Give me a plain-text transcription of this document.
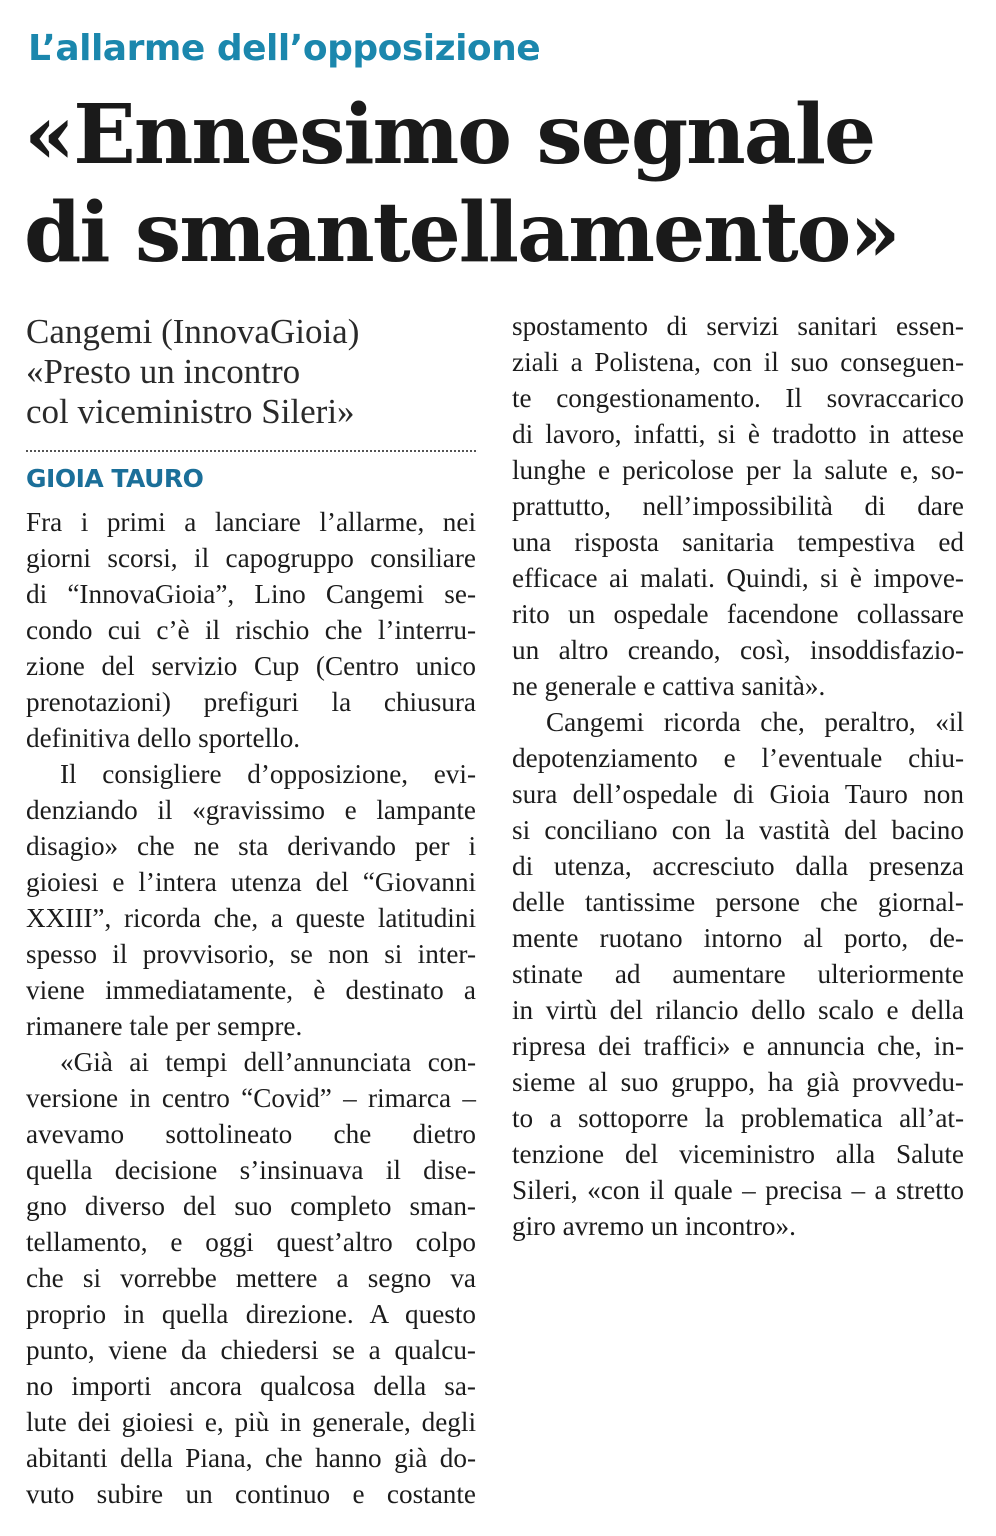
L’allarme dell’opposizione
«Ennesimo segnale
di smantellamento»
Cangemi (InnovaGioia)
«Presto un incontro
col viceministro Sileri»
GIOIA TAURO

Fra i primi a lanciare l’allarme, nei
giorni scorsi, il capogruppo consiliare
di “InnovaGioia”, Lino Cangemi se-
condo cui c’è il rischio che l’interru-
zione del servizio Cup (Centro unico
prenotazioni) prefiguri la chiusura
definitiva dello sportello.

Il consigliere d’opposizione, evi-
denziando il «gravissimo e lampante
disagio» che ne sta derivando per i
gioiesi e l’intera utenza del “Giovanni
XXIII”, ricorda che, a queste latitudini
spesso il provvisorio, se non si inter-
viene immediatamente, è destinato a
rimanere tale per sempre.

«Già ai tempi dell’annunciata con-
versione in centro “Covid” – rimarca –
avevamo sottolineato che dietro
quella decisione s’insinuava il dise-
gno diverso del suo completo sman-
tellamento, e oggi quest’altro colpo
che si vorrebbe mettere a segno va
proprio in quella direzione. A questo
punto, viene da chiedersi se a qualcu-
no importi ancora qualcosa della sa-
lute dei gioiesi e, più in generale, degli
abitanti della Piana, che hanno già do-
vuto subire un continuo e costante

spostamento di servizi sanitari essen-
ziali a Polistena, con il suo conseguen-
te congestionamento. Il sovraccarico
di lavoro, infatti, si è tradotto in attese
lunghe e pericolose per la salute e, so-
prattutto, nell’impossibilità di dare
una risposta sanitaria tempestiva ed
efficace ai malati. Quindi, si è impove-
rito un ospedale facendone collassare
un altro creando, così, insoddisfazio-
ne generale e cattiva sanità».

Cangemi ricorda che, peraltro, «il
depotenziamento e l’eventuale chiu-
sura dell’ospedale di Gioia Tauro non
si conciliano con la vastità del bacino
di utenza, accresciuto dalla presenza
delle tantissime persone che giornal-
mente ruotano intorno al porto, de-
stinate ad aumentare ulteriormente
in virtù del rilancio dello scalo e della
ripresa dei traffici» e annuncia che, in-
sieme al suo gruppo, ha già provvedu-
to a sottoporre la problematica all’at-
tenzione del viceministro alla Salute
Sileri, «con il quale – precisa – a stretto
giro avremo un incontro».
